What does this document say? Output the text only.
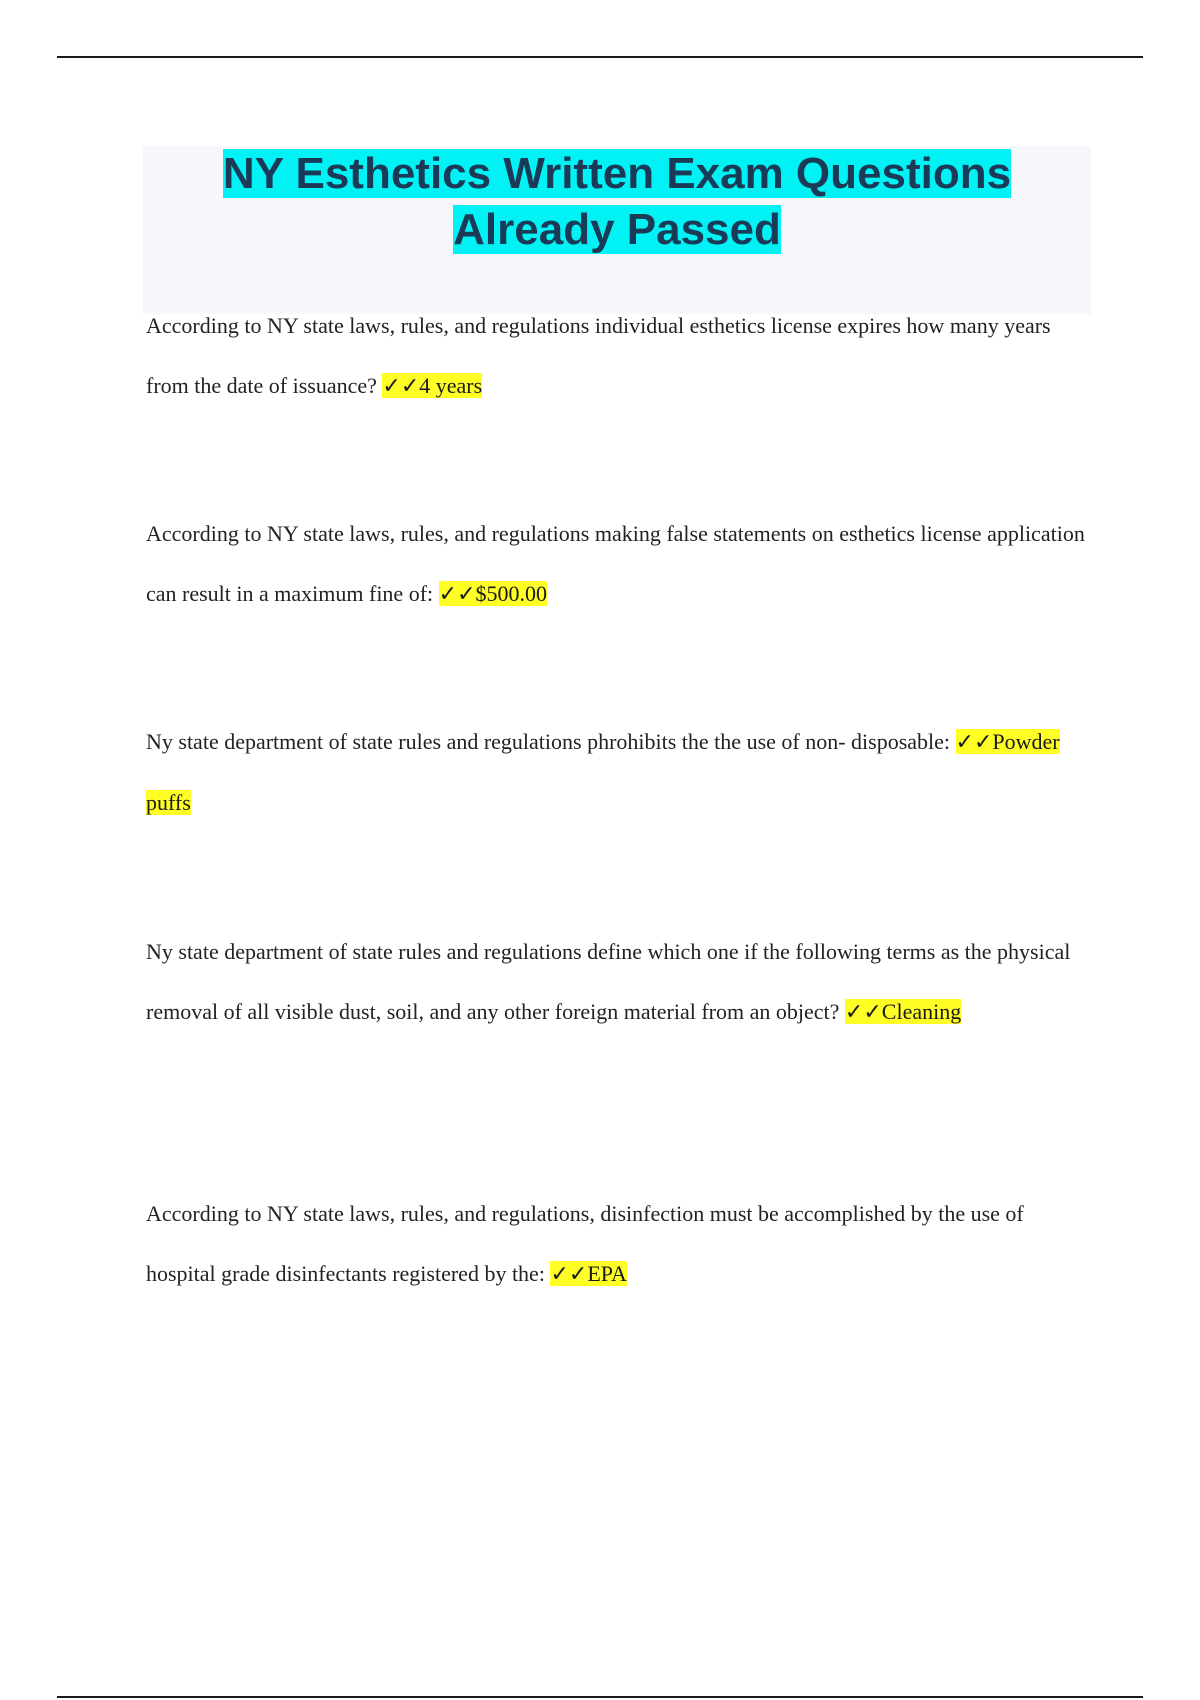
NY Esthetics Written Exam Questions
Already Passed
According to NY state laws, rules, and regulations individual esthetics license expires how many years from the date of issuance? ✓✓4 years
According to NY state laws, rules, and regulations making false statements on esthetics license application can result in a maximum fine of: ✓✓$500.00
Ny state department of state rules and regulations phrohibits the the use of non- disposable: ✓✓Powder puffs
Ny state department of state rules and regulations define which one if the following terms as the physical removal of all visible dust, soil, and any other foreign material from an object? ✓✓Cleaning
According to NY state laws, rules, and regulations, disinfection must be accomplished by the use of hospital grade disinfectants registered by the: ✓✓EPA
